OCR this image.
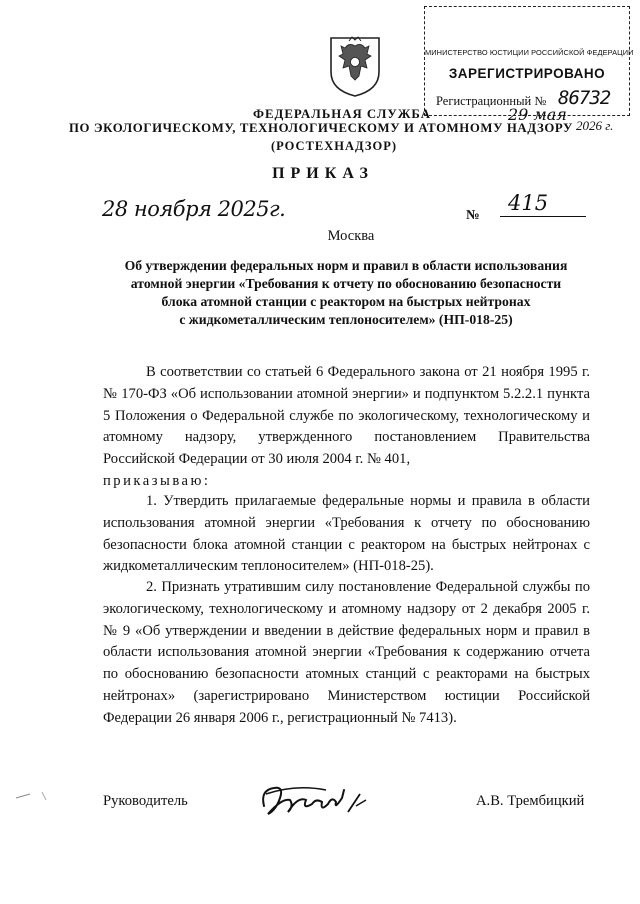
МИНИСТЕРСТВО ЮСТИЦИИ РОССИЙСКОЙ ФЕДЕРАЦИИ
ЗАРЕГИСТРИРОВАНО
Регистрационный № 86732
29 мая
2026 г.
ФЕДЕРАЛЬНАЯ СЛУЖБА
ПО ЭКОЛОГИЧЕСКОМУ, ТЕХНОЛОГИЧЕСКОМУ И АТОМНОМУ НАДЗОРУ
(РОСТЕХНАДЗОР)
ПРИКАЗ
28 ноября 2025г.	№ 415
Москва
Об утверждении федеральных норм и правил в области использования
атомной энергии «Требования к отчету по обоснованию безопасности
блока атомной станции с реактором на быстрых нейтронах
с жидкометаллическим теплоносителем» (НП-018-25)
В соответствии со статьей 6 Федерального закона от 21 ноября 1995 г. № 170-ФЗ «Об использовании атомной энергии» и подпунктом 5.2.2.1 пункта 5 Положения о Федеральной службе по экологическому, технологическому и атомному надзору, утвержденного постановлением Правительства Российской Федерации от 30 июля 2004 г. № 401,
приказываю:
1. Утвердить прилагаемые федеральные нормы и правила в области использования атомной энергии «Требования к отчету по обоснованию безопасности блока атомной станции с реактором на быстрых нейтронах с жидкометаллическим теплоносителем» (НП-018-25).
2. Признать утратившим силу постановление Федеральной службы по экологическому, технологическому и атомному надзору от 2 декабря 2005 г. № 9 «Об утверждении и введении в действие федеральных норм и правил в области использования атомной энергии «Требования к содержанию отчета по обоснованию безопасности атомных станций с реакторами на быстрых нейтронах» (зарегистрировано Министерством юстиции Российской Федерации 26 января 2006 г., регистрационный № 7413).
Руководитель	А.В. Трембицкий
